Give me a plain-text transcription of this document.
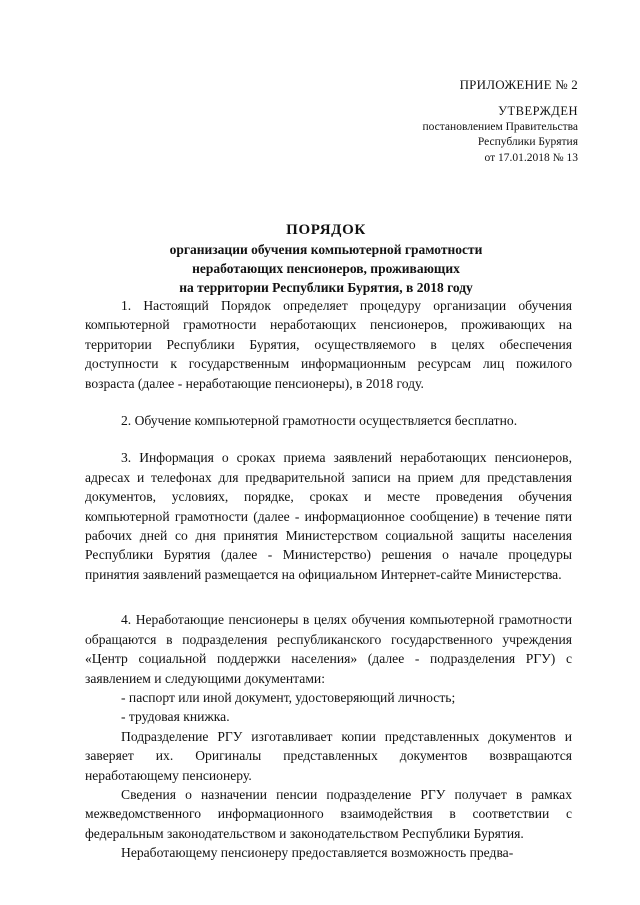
ПРИЛОЖЕНИЕ № 2
УТВЕРЖДЕН
постановлением Правительства
Республики Бурятия
от 17.01.2018 № 13
ПОРЯДОК
организации обучения компьютерной грамотности
неработающих пенсионеров, проживающих
на территории Республики Бурятия, в 2018 году

1. Настоящий Порядок определяет процедуру организации обучения компьютерной грамотности неработающих пенсионеров, проживающих на территории Республики Бурятия, осуществляемого в целях обеспечения доступности к государственным информационным ресурсам лиц пожилого возраста (далее - неработающие пенсионеры), в 2018 году.

2. Обучение компьютерной грамотности осуществляется бесплатно.

3. Информация о сроках приема заявлений неработающих пенсионеров, адресах и телефонах для предварительной записи на прием для представления документов, условиях, порядке, сроках и месте проведения обучения компьютерной грамотности (далее - информационное сообщение) в течение пяти рабочих дней со дня принятия Министерством социальной защиты населения Республики Бурятия (далее - Министерство) решения о начале процедуры принятия заявлений размещается на официальном Интернет-сайте Министерства.

4. Неработающие пенсионеры в целях обучения компьютерной грамотности обращаются в подразделения республиканского государственного учреждения «Центр социальной поддержки населения» (далее - подразделения РГУ) с заявлением и следующими документами:

- паспорт или иной документ, удостоверяющий личность;

- трудовая книжка.

Подразделение РГУ изготавливает копии представленных документов и заверяет их. Оригиналы представленных документов возвращаются неработающему пенсионеру.

Сведения о назначении пенсии подразделение РГУ получает в рамках межведомственного информационного взаимодействия в соответствии с федеральным законодательством и законодательством Республики Бурятия.

Неработающему пенсионеру предоставляется возможность предва-
